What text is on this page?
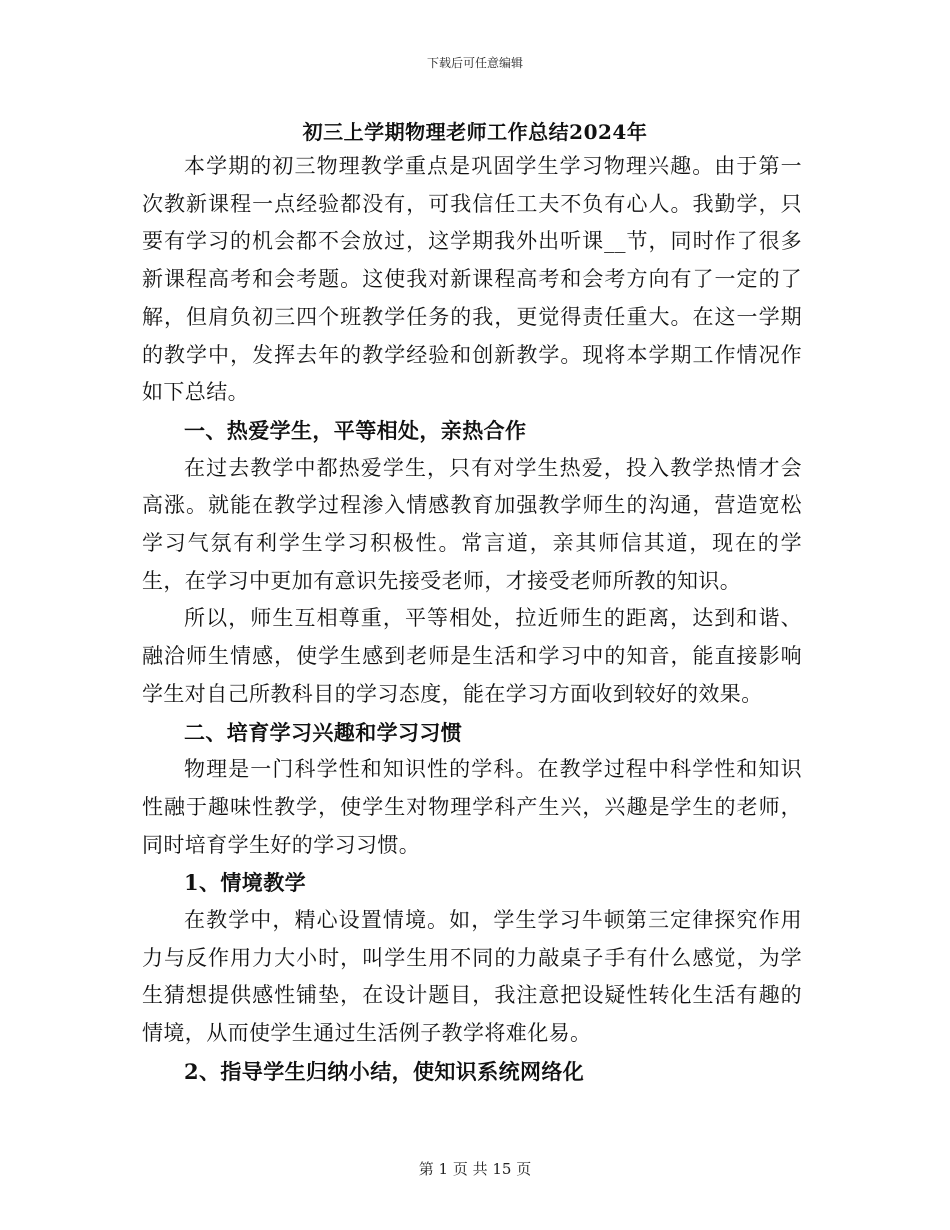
下载后可任意编辑
初三上学期物理老师工作总结2024年

本学期的初三物理教学重点是巩固学生学习物理兴趣。由于第一次教新课程一点经验都没有，可我信任工夫不负有心人。我勤学，只要有学习的机会都不会放过，这学期我外出听课__节，同时作了很多新课程高考和会考题。这使我对新课程高考和会考方向有了一定的了解，但肩负初三四个班教学任务的我，更觉得责任重大。在这一学期的教学中，发挥去年的教学经验和创新教学。现将本学期工作情况作如下总结。

一、热爱学生，平等相处，亲热合作

在过去教学中都热爱学生，只有对学生热爱，投入教学热情才会高涨。就能在教学过程渗入情感教育加强教学师生的沟通，营造宽松学习气氛有利学生学习积极性。常言道，亲其师信其道，现在的学生，在学习中更加有意识先接受老师，才接受老师所教的知识。

所以，师生互相尊重，平等相处，拉近师生的距离，达到和谐、融洽师生情感，使学生感到老师是生活和学习中的知音，能直接影响学生对自己所教科目的学习态度，能在学习方面收到较好的效果。

二、培育学习兴趣和学习习惯

物理是一门科学性和知识性的学科。在教学过程中科学性和知识性融于趣味性教学，使学生对物理学科产生兴，兴趣是学生的老师，同时培育学生好的学习习惯。

1、情境教学

在教学中，精心设置情境。如，学生学习牛顿第三定律探究作用力与反作用力大小时，叫学生用不同的力敲桌子手有什么感觉，为学生猜想提供感性铺垫，在设计题目，我注意把设疑性转化生活有趣的情境，从而使学生通过生活例子教学将难化易。

2、指导学生归纳小结，使知识系统网络化

第 1 页 共 15 页
